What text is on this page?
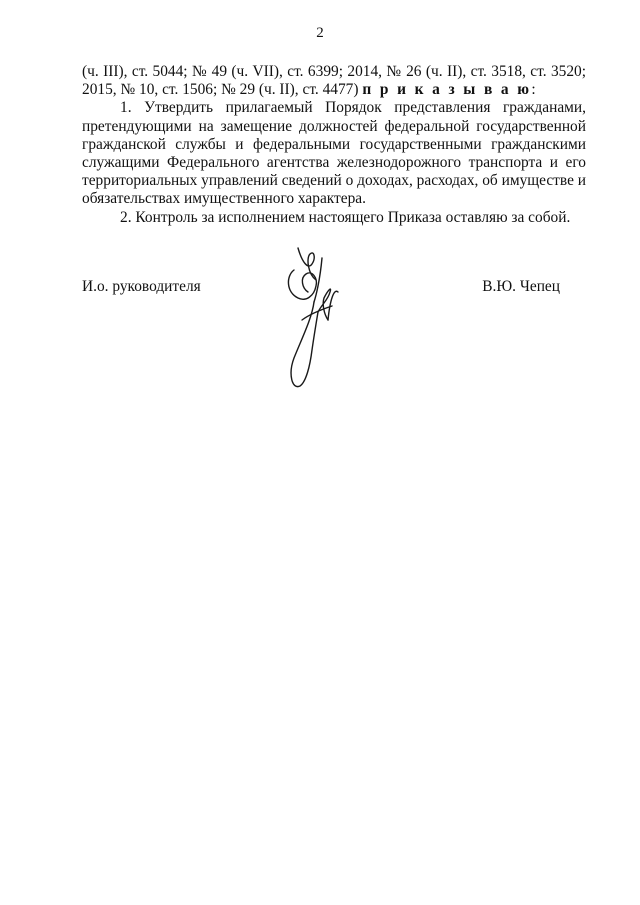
2

(ч. III), ст. 5044; № 49 (ч. VII), ст. 6399; 2014, № 26 (ч. II), ст. 3518, ст. 3520; 2015, № 10, ст. 1506; № 29 (ч. II), ст. 4477) п р и к а з ы в а ю:

1. Утвердить прилагаемый Порядок представления гражданами, претендующими на замещение должностей федеральной государственной гражданской службы и федеральными государственными гражданскими служащими Федерального агентства железнодорожного транспорта и его территориальных управлений сведений о доходах, расходах, об имуществе и обязательствах имущественного характера.

2. Контроль за исполнением настоящего Приказа оставляю за собой.

И.о. руководителя	В.Ю. Чепец
